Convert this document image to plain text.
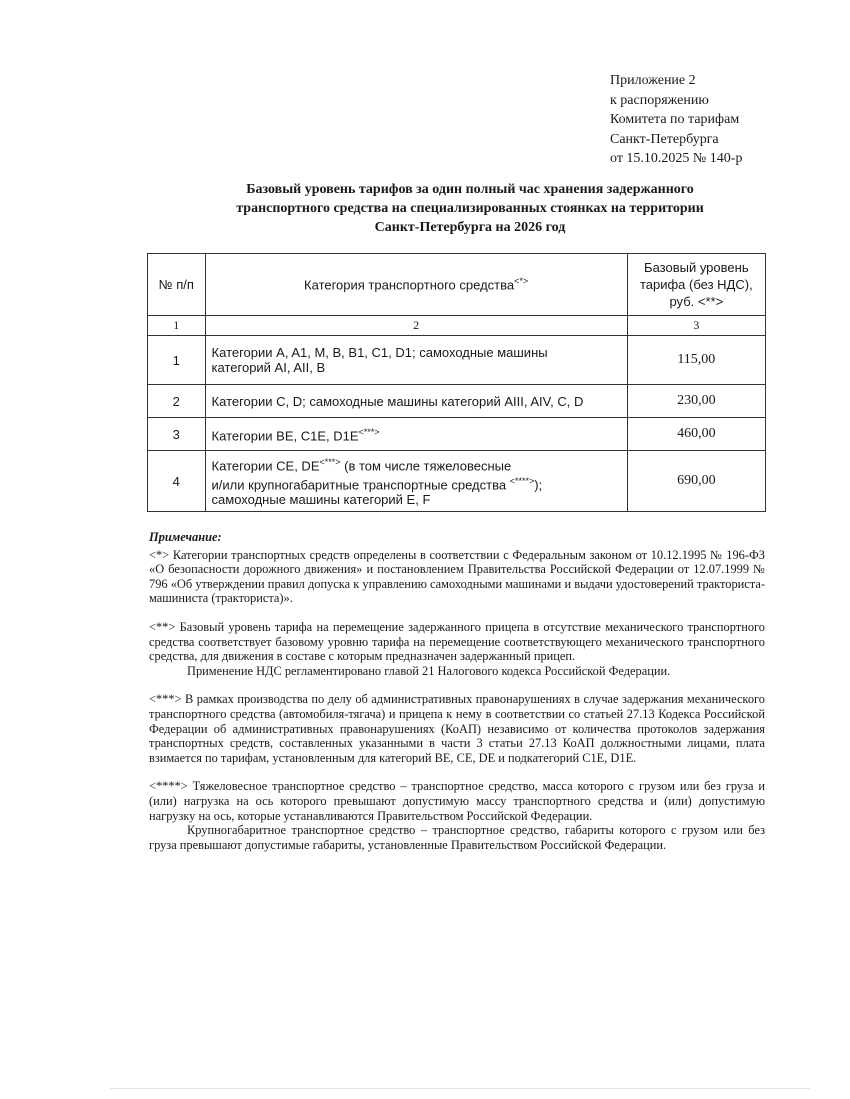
Приложение 2
к распоряжению
Комитета по тарифам
Санкт-Петербурга
от 15.10.2025 № 140-р
Базовый уровень тарифов за один полный час хранения задержанного
транспортного средства на специализированных стоянках на территории
Санкт-Петербурга на 2026 год
№ п/п	Категория транспортного средства<*>	Базовый уровень тарифа (без НДС), руб. <**>
1	2	3
1	Категории A, A1, M, B, B1, C1, D1; самоходные машины
категорий AI, AII, B	115,00
2	Категории C, D; самоходные машины категорий AIII, AIV, C, D	230,00
3	Категории BE, C1E, D1E<***>	460,00
4	Категории CE, DE<***> (в том числе тяжеловесные
и/или крупногабаритные транспортные средства <****>);
самоходные машины категорий E, F	690,00

Примечание:

<*> Категории транспортных средств определены в соответствии с Федеральным законом от 10.12.1995 № 196-ФЗ «О безопасности дорожного движения» и постановлением Правительства Российской Федерации от 12.07.1999 № 796 «Об утверждении правил допуска к управлению самоходными машинами и выдачи удостоверений тракториста-машиниста (тракториста)».

<**> Базовый уровень тарифа на перемещение задержанного прицепа в отсутствие механического транспортного средства соответствует базовому уровню тарифа на перемещение соответствующего механического транспортного средства, для движения в составе с которым предназначен задержанный прицеп.

Применение НДС регламентировано главой 21 Налогового кодекса Российской Федерации.

<***> В рамках производства по делу об административных правонарушениях в случае задержания механического транспортного средства (автомобиля-тягача) и прицепа к нему в соответствии со статьей 27.13 Кодекса Российской Федерации об административных правонарушениях (КоАП) независимо от количества протоколов задержания транспортных средств, составленных указанными в части 3 статьи 27.13 КоАП должностными лицами, плата взимается по тарифам, установленным для категорий BE, CE, DE и подкатегорий C1E, D1E.

<****> Тяжеловесное транспортное средство – транспортное средство, масса которого с грузом или без груза и (или) нагрузка на ось которого превышают допустимую массу транспортного средства и (или) допустимую нагрузку на ось, которые устанавливаются Правительством Российской Федерации.

Крупногабаритное транспортное средство – транспортное средство, габариты которого с грузом или без груза превышают допустимые габариты, установленные Правительством Российской Федерации.
